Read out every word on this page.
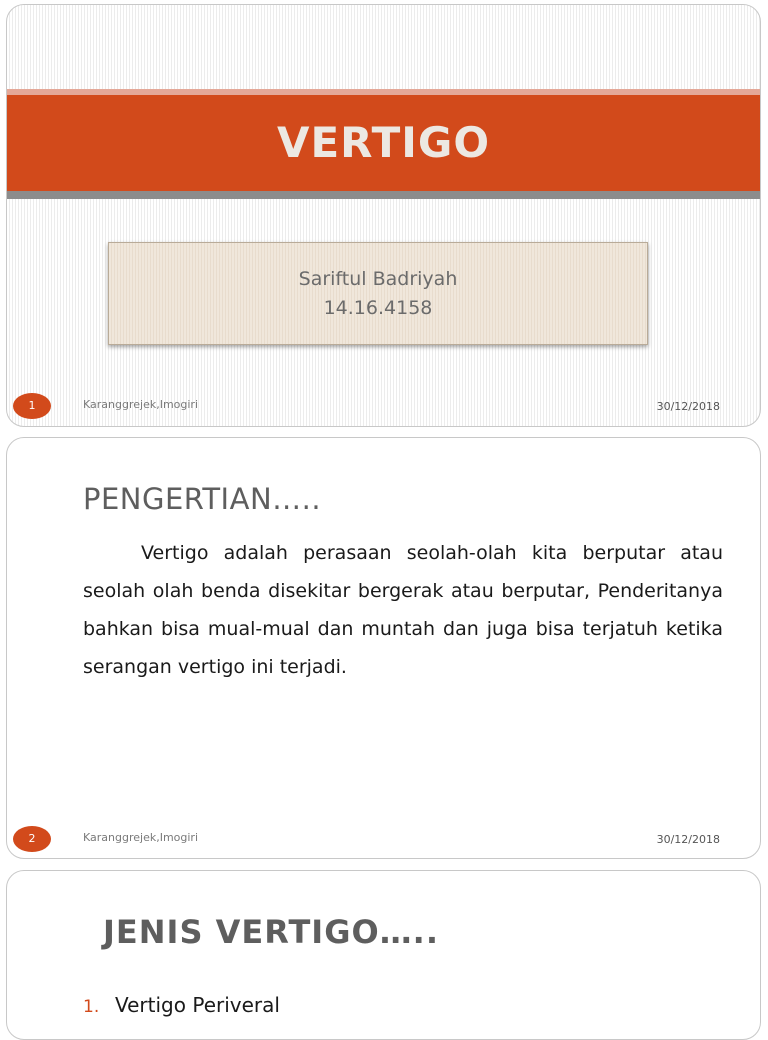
VERTIGO
Sariftul Badriyah
14.16.4158
1	Karanggrejek,Imogiri	30/12/2018
PENGERTIAN…..
Vertigo adalah perasaan seolah-olah kita berputar atau seolah olah benda disekitar bergerak atau berputar, Penderitanya bahkan bisa mual-mual dan muntah dan juga bisa terjatuh ketika serangan vertigo ini terjadi.
2	Karanggrejek,Imogiri	30/12/2018
JENIS VERTIGO…..
1. Vertigo Periveral
